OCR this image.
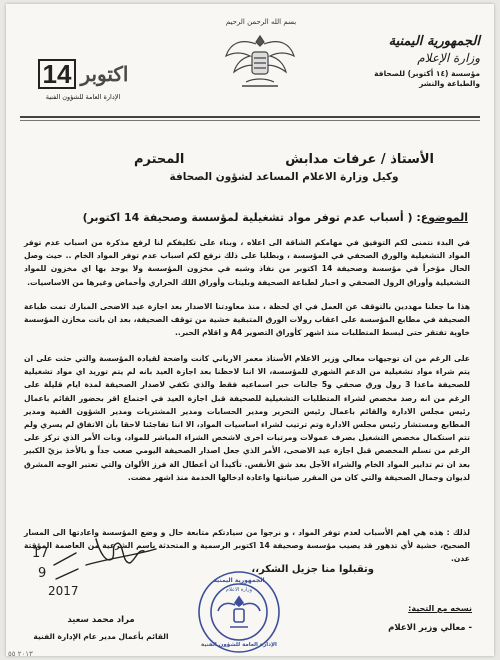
الجمهورية اليمنية
وزارة الإعلام
مؤسسة (١٤ أكتوبر) للصحافة والطباعة والنشر
بسم الله الرحمن الرحيم
14 اكتوبر
الإدارة العامة للشؤون الفنية
الأستاذ / عرفات مدابش
المحترم
وكيل وزارة الاعلام المساعد لشؤون الصحافة
الموضوع: ( أسباب عدم توفر مواد تشغيلية لمؤسسة وصحيفة 14 اكتوبر)
في البدء نتمنى لكم التوفيق في مهامكم الشاقة الى اعلاه ، وبناء على تكليفكم لنا لرفع مذكرة من اسباب عدم توفر المواد التشغيلية والورق الصحفي في المؤسسة ، وبطلبا على ذلك نرفع لكم اسباب عدم توفر المواد الخام .. حيث وصل الحال مؤخراً في مؤسسة وصحيفة 14 اكتوبر من نفاذ وشبه في مخزون المؤسسة ولا يوجد بها اي مخزون للمواد التشغيلية وأوراق الرول الصحفي و احبار لطباعة الصحيفة وبليتات وأوراق اللك الحراري وأحماض وغيرها من الاساسيات.
هذا ما جعلنا مهددين بالتوقف عن العمل في اي لحظة ، منذ معاودتنا الاصدار بعد اجازة عيد الاضحى المبارك تمت طباعة الصحيفة في مطابع المؤسسة على اعقاب رولات الورق المتبقية خشية من توقف الصحيفة، بعد ان باتت مخازن المؤسسة خاوية تفتقر حتى لبسط المتطلبات منذ اشهر كأوراق التصوير A4 و اقلام الحبر..
على الرغم من ان توجيهات معالي وزير الاعلام الأستاذ معمر الارياني كانت واضحة لقيادة المؤسسة والتي حثت على ان يتم شراء مواد تشغيلية من الدعم الشهري للمؤسسة، الا اننا لاحظنا بعد اجازة العيد بانه لم يتم توريد اي مواد تشغيلية للصحيفة ماعدا 3 رول ورق صحفي و5 جالنات حبر اسماعيه فقط والذي تكفي لاصدار الصحيفة لمدة ايام قليلة على الرغم من انه رصد مخصص لشراء المتطلبات التشغيلية للصحيفة قبل اجازة العيد في اجتماع اقر بحضور القائم باعمال رئيس مجلس الادارة والقائم باعمال رئيس التحرير ومدير الحسابات ومدير المشتريات ومدير الشؤون الفنية ومدير المطابع ومستشار رئيس مجلس الادارة وتم ترتيب لشراء اساسيات المواد، الا اننا تفاجئنا لاحقا بأن الاتفاق لم يسري ولم تتم استكمال مخصص التشغيل بصرف عمولات ومرتبات اخرى لاشخص الشراء المباشر للمواد، وبات الأمر الذي تركز على الرغم من تسلم المخصص قبل اجازة عيد الاضحى، الأمر الذي جعل اصدار الصحيفة اليومي صعب جداً و بالأخذ بزيّ الكبير بعد ان تم تدابير المواد الخام والشراء الآجل بعد شق الأنفس. تأكيداً ان أعطال الة فرز الألوان والتي تعتبر الوجه المشرق لديوان وجمال الصحيفة والتي كان من المقرر صيانتها واعادة ادخالها الخدمة منذ اشهر مضت.
لذلك : هذه هي اهم الأسباب لعدم توفر المواد ، و نرجوا من سيادتكم متابعة حال و وضع المؤسسة واعادتها الى المسار الصحيح، خشية لأي تدهور قد يصيب مؤسسة وصحيفة 14 اكتوبر الرسمية و المتحدثة باسم الشرعية من العاصمة المؤقتة عدن.
وتقبلوا منا جزيل الشكر،،
17
9
2017
مراد محمد سعيد
القائم بأعمال مدير عام الإدارة الفنية
الجمهورية اليمنية
وزارة الاعلام
الإدارة العامة للشؤون الفنية
نسخه مع التحية:
- معالي وزير الاعلام
٢٠١٣ ٥٥
